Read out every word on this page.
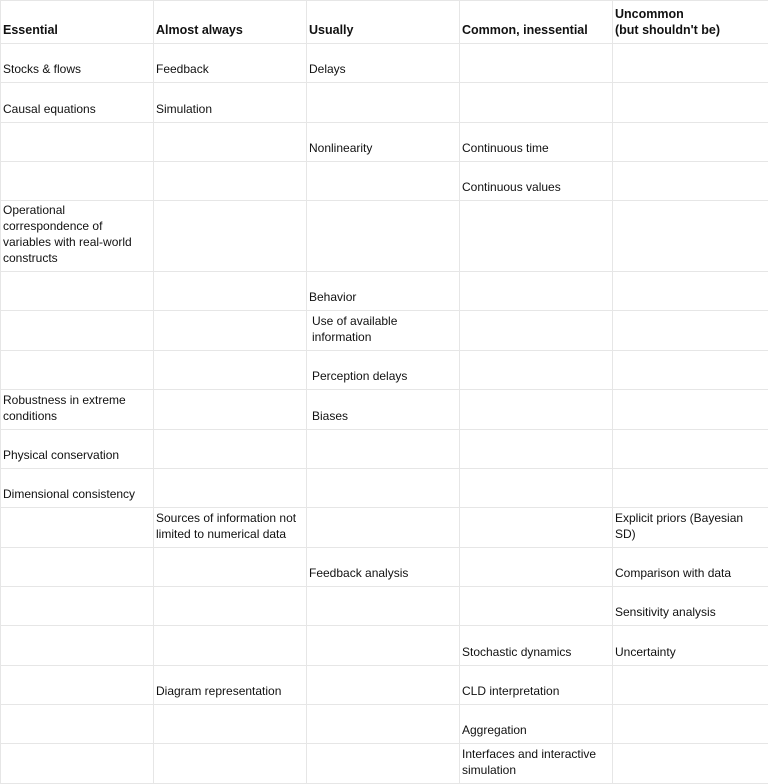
Essential	Almost always	Usually	Common, inessential	Uncommon
(but shouldn't be)
Stocks & flows	Feedback	Delays		
Causal equations	Simulation			
		Nonlinearity	Continuous time	
			Continuous values	
Operational correspondence of variables with real-world constructs				
		Behavior		

		Use of available information		

		Perception delays		

Robustness in extreme conditions		Biases		

Physical conservation				
Dimensional consistency				
	Sources of information not limited to numerical data			Explicit priors (Bayesian SD)
		Feedback analysis		Comparison with data
				Sensitivity analysis
			Stochastic dynamics	Uncertainty
	Diagram representation		CLD interpretation	
			Aggregation	
			Interfaces and interactive simulation	
